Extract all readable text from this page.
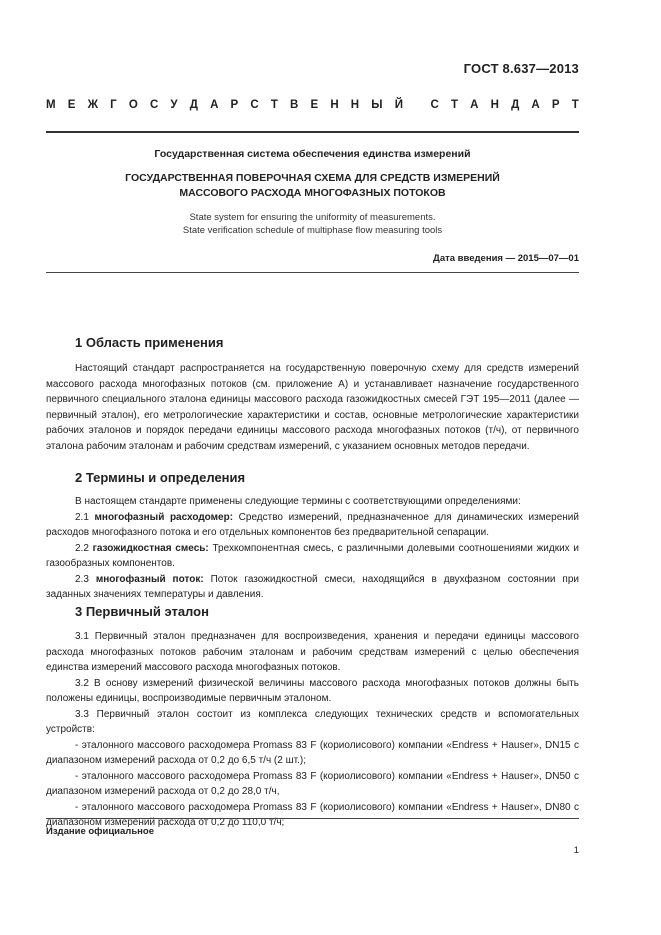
ГОСТ 8.637—2013
М Е Ж Г О С У Д А Р С Т В Е Н Н Ы Й
С Т А Н Д А Р Т
Государственная система обеспечения единства измерений
ГОСУДАРСТВЕННАЯ ПОВЕРОЧНАЯ СХЕМА ДЛЯ СРЕДСТВ ИЗМЕРЕНИЙ
МАССОВОГО РАСХОДА МНОГОФАЗНЫХ ПОТОКОВ
State system for ensuring the uniformity of measurements.
State verification schedule of multiphase flow measuring tools
Дата введения — 2015—07—01
1 Область применения

Настоящий стандарт распространяется на государственную поверочную схему для средств измерений массового расхода многофазных потоков (см. приложение А) и устанавливает назначение государственного первичного специального эталона единицы массового расхода газожидкостных смесей ГЭТ 195—2011 (далее — первичный эталон), его метрологические характеристики и состав, основные метрологические характеристики рабочих эталонов и порядок передачи единицы массового расхода многофазных потоков (т/ч), от первичного эталона рабочим эталонам и рабочим средствам измерений, с указанием основных методов передачи.

2 Термины и определения

В настоящем стандарте применены следующие термины с соответствующими определениями:

2.1 многофазный расходомер: Средство измерений, предназначенное для динамических измерений расходов многофазного потока и его отдельных компонентов без предварительной сепарации.

2.2 газожидкостная смесь: Трехкомпонентная смесь, с различными долевыми соотношениями жидких и газообразных компонентов.

2.3 многофазный поток: Поток газожидкостной смеси, находящийся в двухфазном состоянии при заданных значениях температуры и давления.

3 Первичный эталон

3.1 Первичный эталон предназначен для воспроизведения, хранения и передачи единицы массового расхода многофазных потоков рабочим эталонам и рабочим средствам измерений с целью обеспечения единства измерений массового расхода многофазных потоков.

3.2 В основу измерений физической величины массового расхода многофазных потоков должны быть положены единицы, воспроизводимые первичным эталоном.

3.3 Первичный эталон состоит из комплекса следующих технических средств и вспомогательных устройств:

- эталонного массового расходомера Promass 83 F (кориолисового) компании «Endress + Hauser», DN15 с диапазоном измерений расхода от 0,2 до 6,5 т/ч (2 шт.);

- эталонного массового расходомера Promass 83 F (кориолисового) компании «Endress + Hauser», DN50 с диапазоном измерений расхода от 0,2 до 28,0 т/ч,

- эталонного массового расходомера Promass 83 F (кориолисового) компании «Endress + Hauser», DN80 с диапазоном измерений расхода от 0,2 до 110,0 т/ч;

Издание официальное
1
